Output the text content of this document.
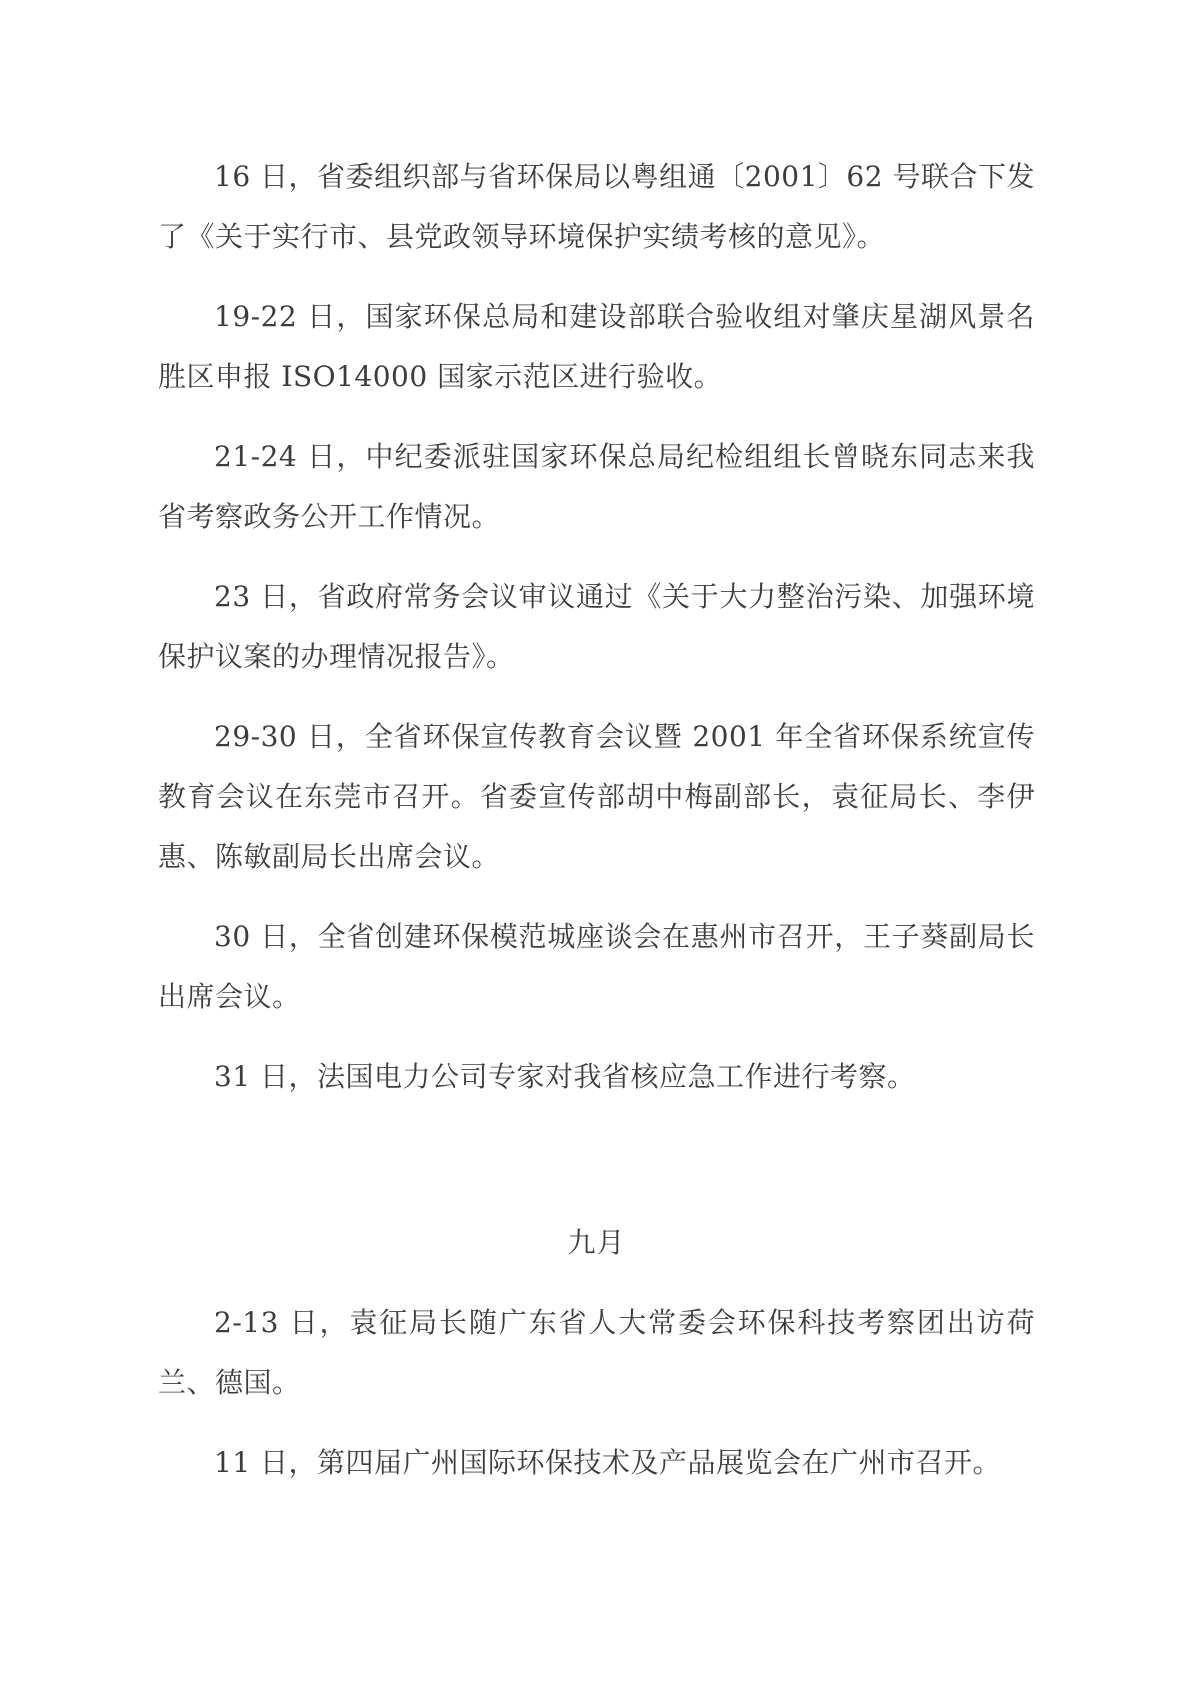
16 日，省委组织部与省环保局以粤组通〔2001〕62 号联合下发了《关于实行市、县党政领导环境保护实绩考核的意见》。

19-22 日，国家环保总局和建设部联合验收组对肇庆星湖风景名胜区申报 ISO14000 国家示范区进行验收。

21-24 日，中纪委派驻国家环保总局纪检组组长曾晓东同志来我省考察政务公开工作情况。

23 日，省政府常务会议审议通过《关于大力整治污染、加强环境保护议案的办理情况报告》。

29-30 日，全省环保宣传教育会议暨 2001 年全省环保系统宣传教育会议在东莞市召开。省委宣传部胡中梅副部长，袁征局长、李伊惠、陈敏副局长出席会议。

30 日，全省创建环保模范城座谈会在惠州市召开，王子葵副局长出席会议。

31 日，法国电力公司专家对我省核应急工作进行考察。

九月

2-13 日，袁征局长随广东省人大常委会环保科技考察团出访荷兰、德国。

11 日，第四届广州国际环保技术及产品展览会在广州市召开。
